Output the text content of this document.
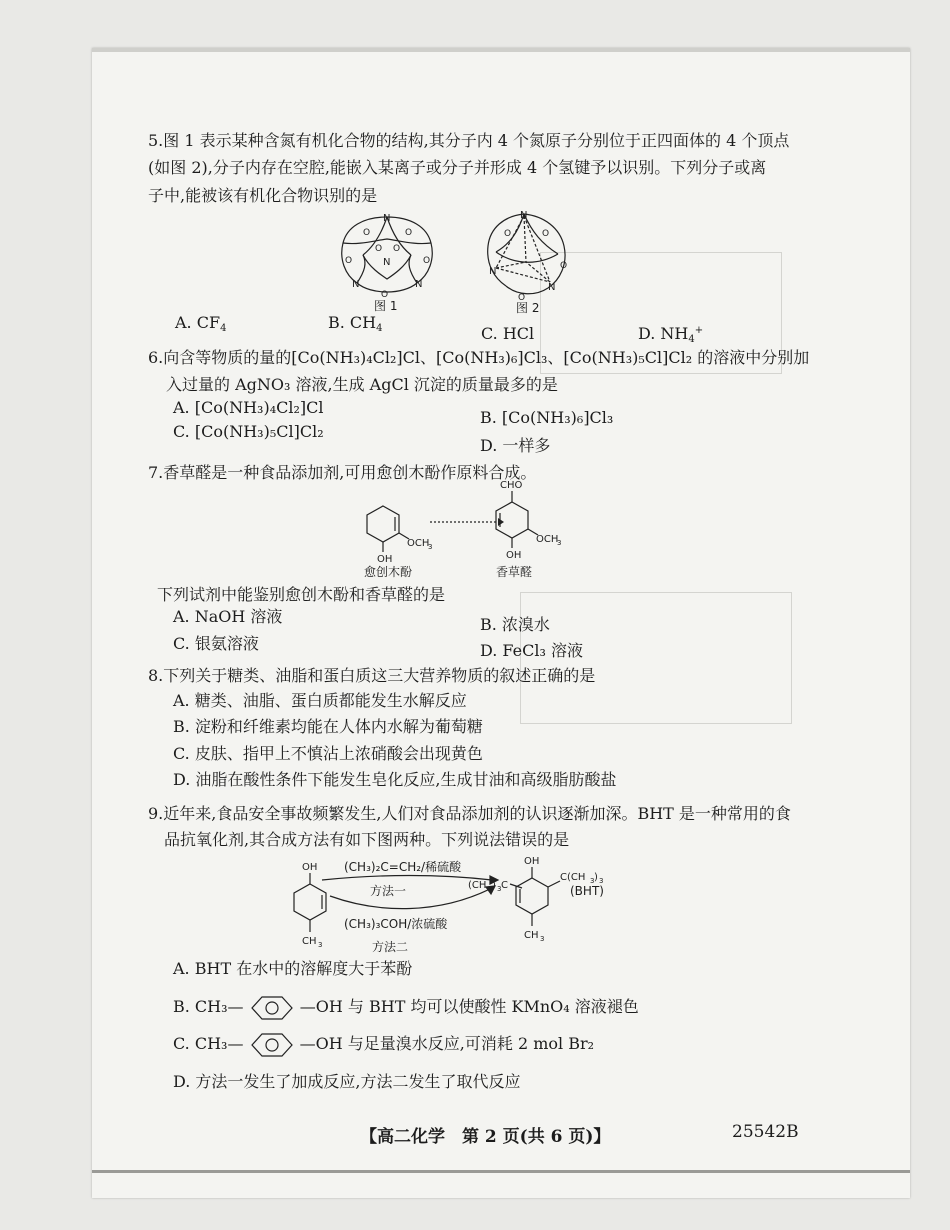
5.图 1 表示某种含氮有机化合物的结构,其分子内 4 个氮原子分别位于正四面体的 4 个顶点
(如图 2),分子内存在空腔,能嵌入某离子或分子并形成 4 个氢键予以识别。下列分子或离
子中,能被该有机化合物识别的是
N
N	N
N
O	O
O	O
O O
O
图 1
N
N
N
O	O
O
O
图 2
A. $CF_4$	B. $CH_4$	C. HCl	D. $NH_4^+$
6.向含等物质的量的[Co(NH₃)₄Cl₂]Cl、[Co(NH₃)₆]Cl₃、[Co(NH₃)₅Cl]Cl₂ 的溶液中分别加
入过量的 AgNO₃ 溶液,生成 AgCl 沉淀的质量最多的是
A. [Co(NH₃)₄Cl₂]Cl
B. [Co(NH₃)₆]Cl₃
C. [Co(NH₃)₅Cl]Cl₂
D. 一样多
7.香草醛是一种食品添加剂,可用愈创木酚作原料合成。
OCH
3
OH
愈创木酚
CHO
OCH
3
OH
香草醛
下列试剂中能鉴别愈创木酚和香草醛的是
A. NaOH 溶液	B. 浓溴水
C. 银氨溶液	D. FeCl₃ 溶液
8.下列关于糖类、油脂和蛋白质这三大营养物质的叙述正确的是
A. 糖类、油脂、蛋白质都能发生水解反应
B. 淀粉和纤维素均能在人体内水解为葡萄糖
C. 皮肤、指甲上不慎沾上浓硝酸会出现黄色
D. 油脂在酸性条件下能发生皂化反应,生成甘油和高级脂肪酸盐
9.近年来,食品安全事故频繁发生,人们对食品添加剂的认识逐渐加深。BHT 是一种常用的食
品抗氧化剂,其合成方法有如下图两种。下列说法错误的是
OH
CH 3
(CH₃)₂C=CH₂/稀硫酸
方法一
(CH₃)₃COH/浓硫酸
方法二
(CH 3 ) 3 C
OH
C(CH 3 ) 3
CH 3
(BHT)
A. BHT 在水中的溶解度大于苯酚
B. CH₃—	—OH 与 BHT 均可以使酸性 KMnO₄ 溶液褪色
C. CH₃—	—OH 与足量溴水反应,可消耗 2 mol Br₂
D. 方法一发生了加成反应,方法二发生了取代反应
【高二化学　第 2 页(共 6 页)】	25542B
